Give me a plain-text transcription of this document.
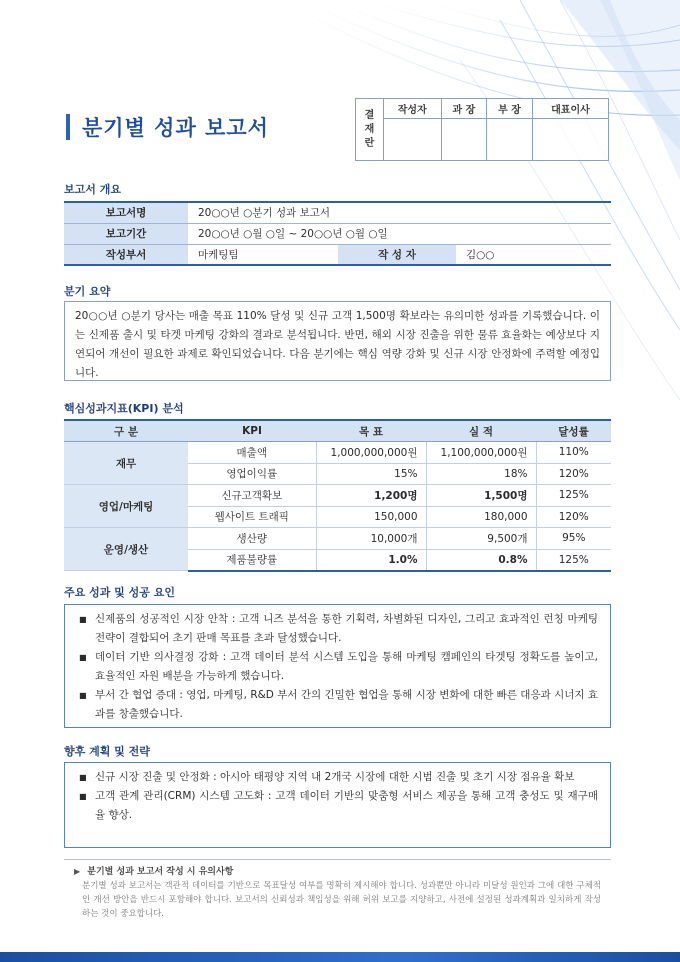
분기별 성과 보고서
결
재
란	작성자	과 장	부 장	대표이사

보고서 개요
보고서명	20○○년 ○분기 성과 보고서		
보고기간	20○○년 ○월 ○일 ~ 20○○년 ○월 ○일		
작성부서	마케팅팀	작 성 자	김○○
분기 요약

20○○년 ○분기 당사는 매출 목표 110% 달성 및 신규 고객 1,500명 확보라는 유의미한 성과를 기록했습니다. 이는 신제품 출시 및 타겟 마케팅 강화의 결과로 분석됩니다. 반면, 해외 시장 진출을 위한 물류 효율화는 예상보다 지연되어 개선이 필요한 과제로 확인되었습니다. 다음 분기에는 핵심 역량 강화 및 신규 시장 안정화에 주력할 예정입니다.

핵심성과지표(KPI) 분석
구 분	KPI	목 표	실 적	달성률
재무	매출액	1,000,000,000원	1,100,000,000원	110%
	영업이익률	15%	18%	120%
영업/마케팅	신규고객확보	1,200명	1,500명	125%
	웹사이트 트래픽	150,000	180,000	120%
운영/생산	생산량	10,000개	9,500개	95%
	제품불량률	1.0%	0.8%	125%
주요 성과 및 성공 요인
■ 신제품의 성공적인 시장 안착 : 고객 니즈 분석을 통한 기획력, 차별화된 디자인, 그리고 효과적인 런칭 마케팅 전략이 결합되어 초기 판매 목표를 초과 달성했습니다.
■ 데이터 기반 의사결정 강화 : 고객 데이터 분석 시스템 도입을 통해 마케팅 캠페인의 타겟팅 정확도를 높이고, 효율적인 자원 배분을 가능하게 했습니다.
■ 부서 간 협업 증대 : 영업, 마케팅, R&D 부서 간의 긴밀한 협업을 통해 시장 변화에 대한 빠른 대응과 시너지 효과를 창출했습니다.
향후 계획 및 전략
■ 신규 시장 진출 및 안정화 : 아시아 태평양 지역 내 2개국 시장에 대한 시범 진출 및 초기 시장 점유율 확보
■ 고객 관계 관리(CRM) 시스템 고도화 : 고객 데이터 기반의 맞춤형 서비스 제공을 통해 고객 충성도 및 재구매율 향상.
▶ 분기별 성과 보고서 작성 시 유의사항
분기별 성과 보고서는 객관적 데이터를 기반으로 목표달성 여부를 명확히 제시해야 합니다. 성과뿐만 아니라 미달성 원인과 그에 대한 구체적인 개선 방안을 반드시 포함해야 합니다. 보고서의 신뢰성과 책임성을 위해 허위 보고를 지양하고, 사전에 설정된 성과계획과 일치하게 작성하는 것이 중요합니다.
